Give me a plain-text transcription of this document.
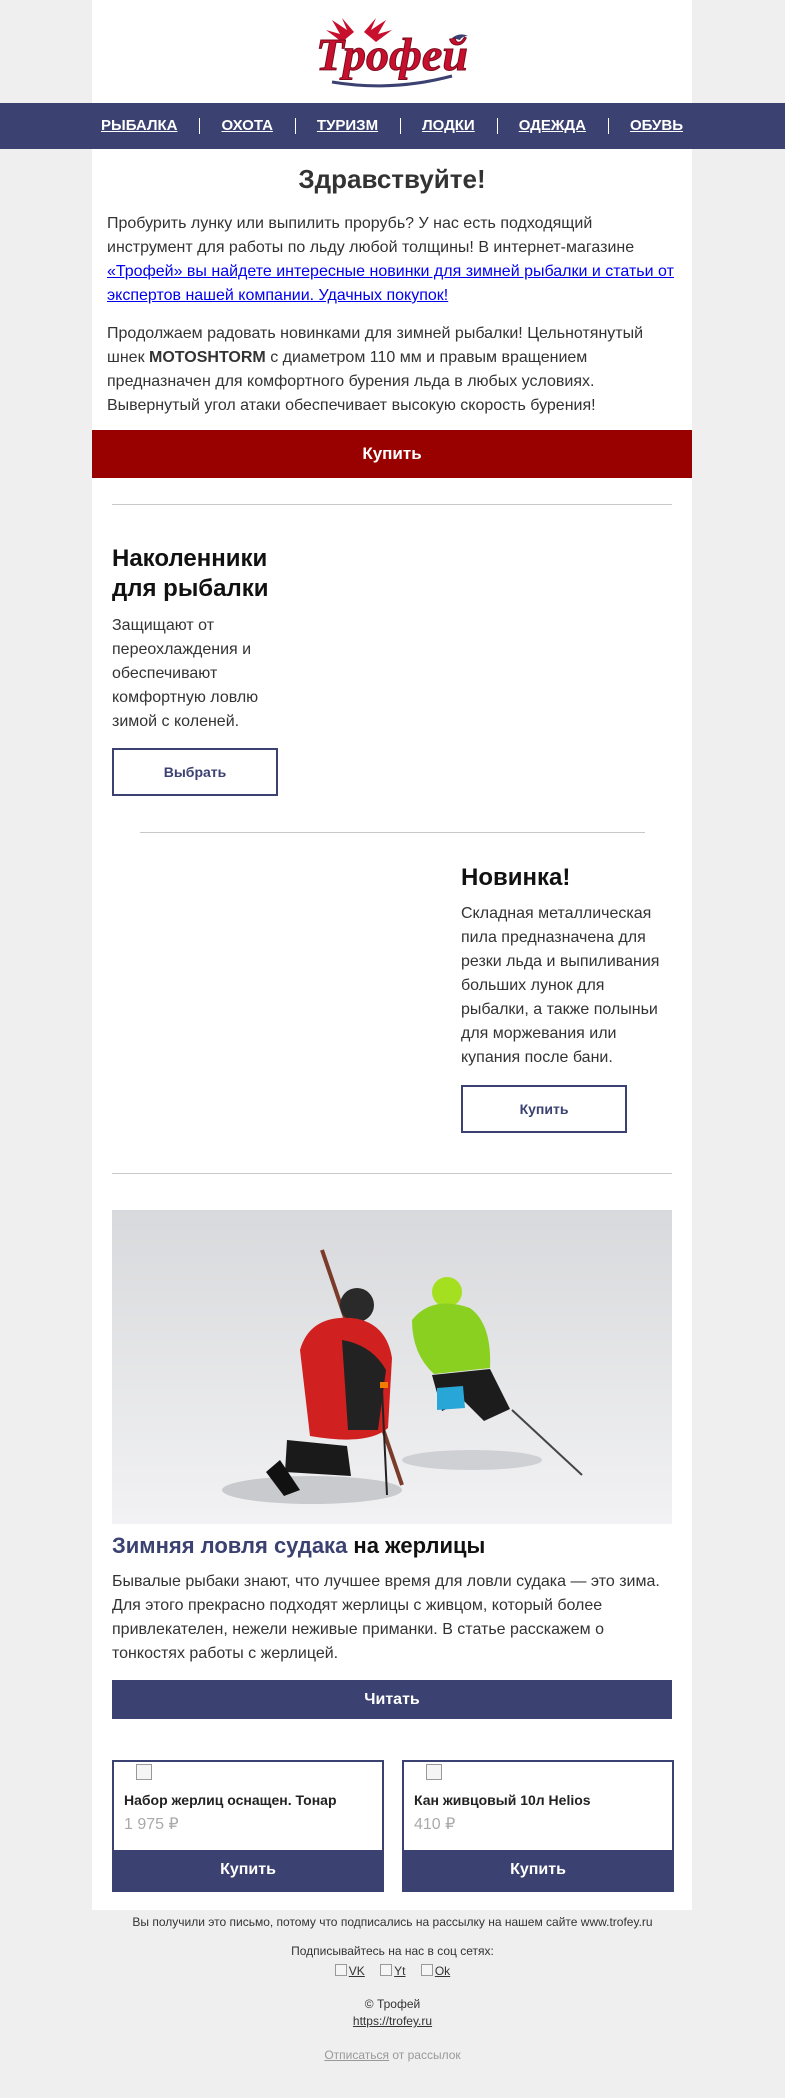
Трофей
РЫБАЛКА	ОХОТА	ТУРИЗМ	ЛОДКИ	ОДЕЖДА	ОБУВЬ
Здравствуйте!
Пробурить лунку или выпилить прорубь? У нас есть подходящий инструмент для работы по льду любой толщины! В интернет-магазине «Трофей» вы найдете интересные новинки для зимней рыбалки и статьи от экспертов нашей компании. Удачных покупок!
Продолжаем радовать новинками для зимней рыбалки! Цельнотянутый шнек MOTOSHTORM с диаметром 110 мм и правым вращением предназначен для комфортного бурения льда в любых условиях. Вывернутый угол атаки обеспечивает высокую скорость бурения!
Купить
Наколенники для рыбалки
Защищают от переохлаждения и обеспечивают комфортную ловлю зимой с коленей.
Выбрать
Новинка!
Складная металлическая пила предназначена для резки льда и выпиливания больших лунок для рыбалки, а также полыньи для моржевания или купания после бани.
Купить
Зимняя ловля судака на жерлицы
Бывалые рыбаки знают, что лучшее время для ловли судака — это зима. Для этого прекрасно подходят жерлицы с живцом, который более привлекателен, нежели неживые приманки. В статье расскажем о тонкостях работы с жерлицей.
Читать
Набор жерлиц оснащен. Тонар
1 975 ₽
Купить
Кан живцовый 10л Helios
410 ₽
Купить
Вы получили это письмо, потому что подписались на рассылку на нашем сайте www.trofey.ru
Подписывайтесь на нас в соц сетях:
VK Yt Ok
© Трофей
https://trofey.ru
Отписаться от рассылок
